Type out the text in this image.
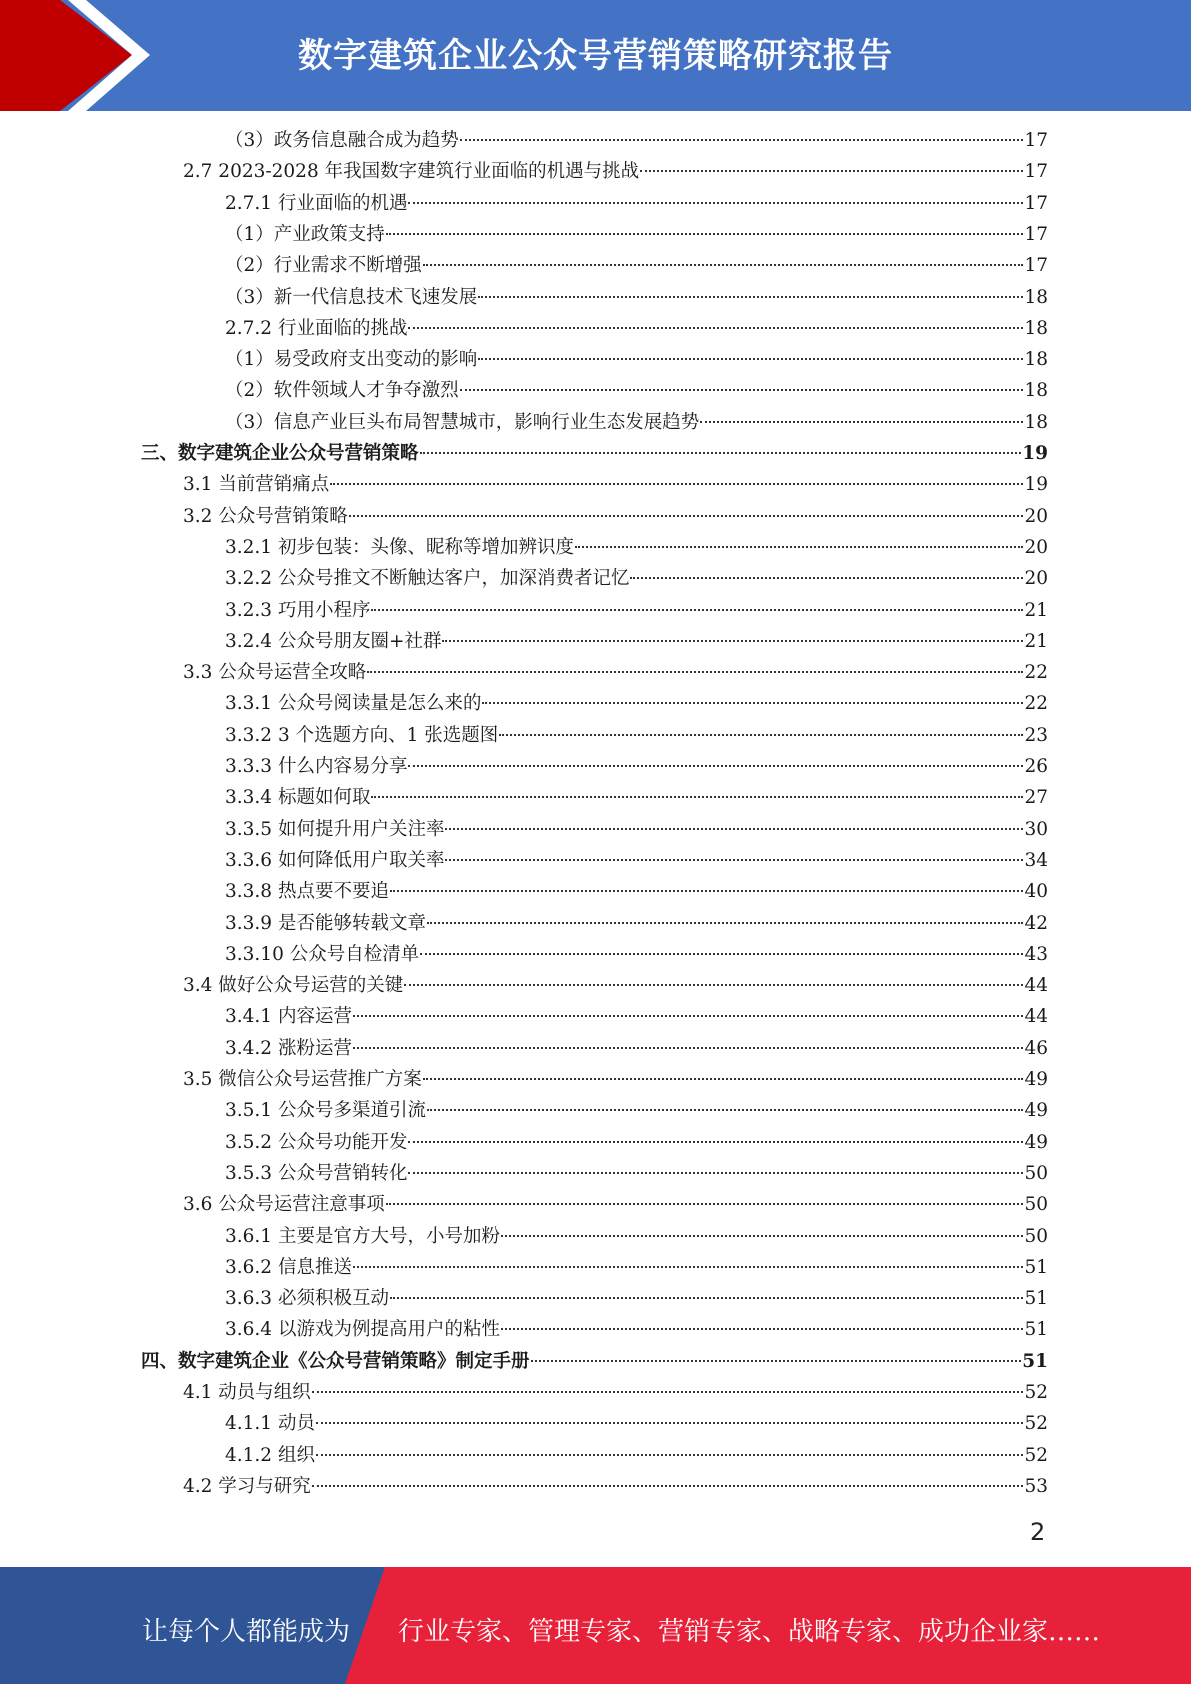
数字建筑企业公众号营销策略研究报告
（3）政务信息融合成为趋势	17
2.7 2023-2028 年我国数字建筑行业面临的机遇与挑战	17
2.7.1 行业面临的机遇	17
（1）产业政策支持	17
（2）行业需求不断增强	17
（3）新一代信息技术飞速发展	18
2.7.2 行业面临的挑战	18
（1）易受政府支出变动的影响	18
（2）软件领域人才争夺激烈	18
（3）信息产业巨头布局智慧城市，影响行业生态发展趋势	18
三、数字建筑企业公众号营销策略	19
3.1 当前营销痛点	19
3.2 公众号营销策略	20
3.2.1 初步包装：头像、昵称等增加辨识度	20
3.2.2 公众号推文不断触达客户，加深消费者记忆	20
3.2.3 巧用小程序	21
3.2.4 公众号朋友圈+社群	21
3.3 公众号运营全攻略	22
3.3.1 公众号阅读量是怎么来的	22
3.3.2 3 个选题方向、1 张选题图	23
3.3.3 什么内容易分享	26
3.3.4 标题如何取	27
3.3.5 如何提升用户关注率	30
3.3.6 如何降低用户取关率	34
3.3.8 热点要不要追	40
3.3.9 是否能够转载文章	42
3.3.10 公众号自检清单	43
3.4 做好公众号运营的关键	44
3.4.1 内容运营	44
3.4.2 涨粉运营	46
3.5 微信公众号运营推广方案	49
3.5.1 公众号多渠道引流	49
3.5.2 公众号功能开发	49
3.5.3 公众号营销转化	50
3.6 公众号运营注意事项	50
3.6.1 主要是官方大号，小号加粉	50
3.6.2 信息推送	51
3.6.3 必须积极互动	51
3.6.4 以游戏为例提高用户的粘性	51
四、数字建筑企业《公众号营销策略》制定手册	51
4.1 动员与组织	52
4.1.1 动员	52
4.1.2 组织	52
4.2 学习与研究	53
2
让每个人都能成为 行业专家、管理专家、营销专家、战略专家、成功企业家……
